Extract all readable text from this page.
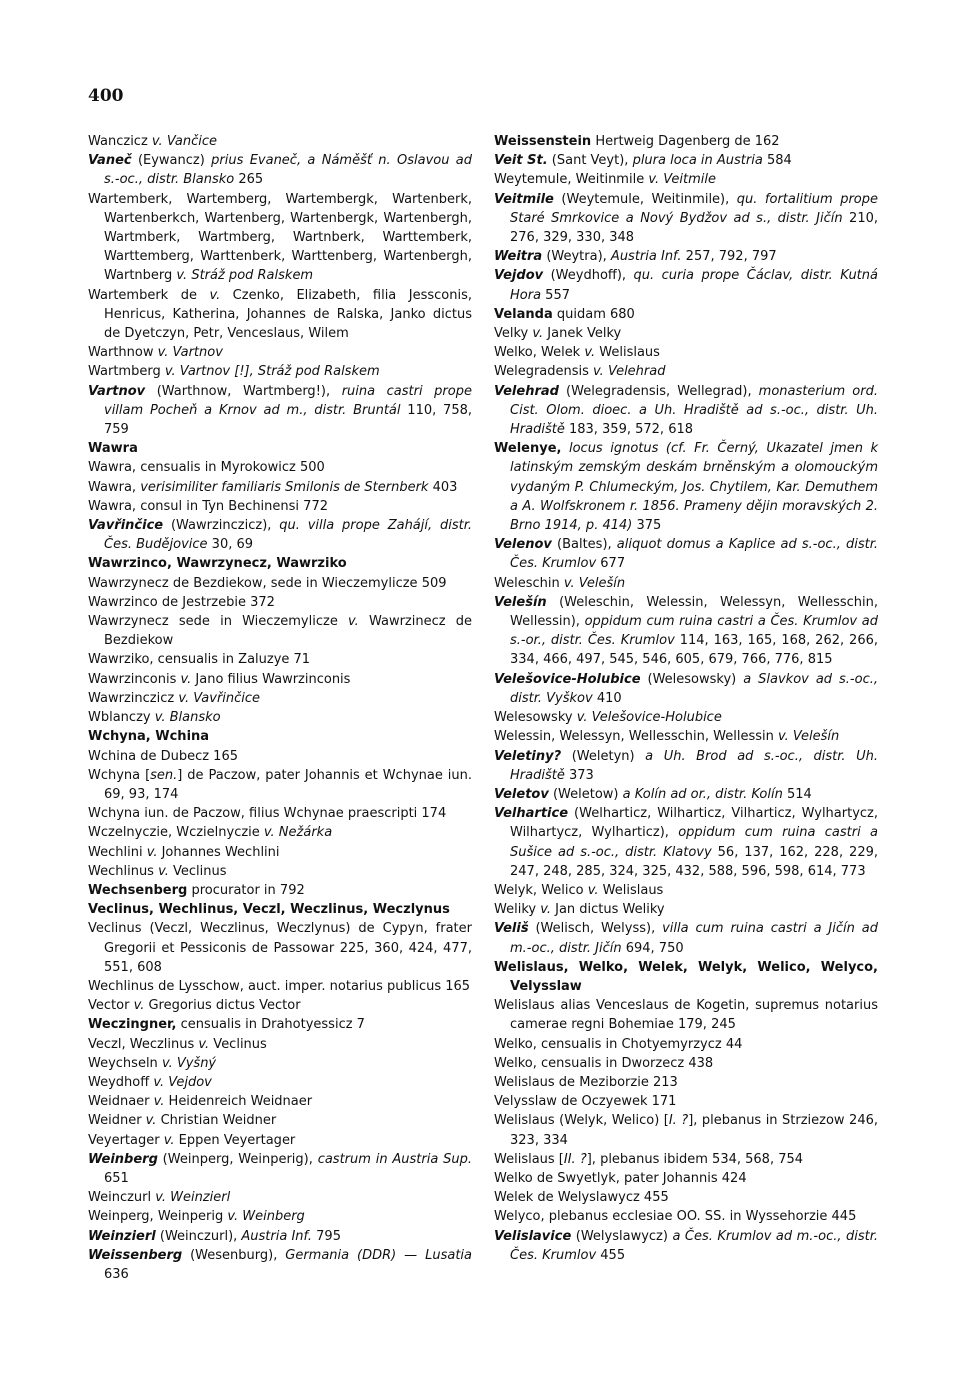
400

Wanczicz v. Vančice

Vaneč (Eywancz) prius Evaneč, a Náměšť n. Oslavou ad s.-oc., distr. Blansko 265

Wartemberk, Wartemberg, Wartembergk, Wartenberk, Wartenberkch, Wartenberg, Wartenbergk, Wartenbergh, Wartmberk, Wartmberg, Wartnberk, Warttemberk, Warttemberg, Warttenberk, Warttenberg, Wartenbergh, Wartnberg v. Stráž pod Ralskem

Wartemberk de v. Czenko, Elizabeth, filia Jessconis, Henricus, Katherina, Johannes de Ralska, Janko dictus de Dyetczyn, Petr, Venceslaus, Wilem

Warthnow v. Vartnov

Wartmberg v. Vartnov [!], Stráž pod Ralskem

Vartnov (Warthnow, Wartmberg!), ruina castri prope villam Pocheň a Krnov ad m., distr. Bruntál 110, 758, 759

Wawra

Wawra, censualis in Myrokowicz 500

Wawra, verisimiliter familiaris Smilonis de Sternberk 403

Wawra, consul in Tyn Bechinensi 772

Vavřinčice (Wawrzinczicz), qu. villa prope Zahájí, distr. Čes. Budějovice 30, 69

Wawrzinco, Wawrzynecz, Wawrziko

Wawrzynecz de Bezdiekow, sede in Wieczemylicze 509

Wawrzinco de Jestrzebie 372

Wawrzynecz sede in Wieczemylicze v. Wawrzinecz de Bezdiekow

Wawrziko, censualis in Zaluzye 71

Wawrzinconis v. Jano filius Wawrzinconis

Wawrzinczicz v. Vavřinčice

Wblanczy v. Blansko

Wchyna, Wchina

Wchina de Dubecz 165

Wchyna [sen.] de Paczow, pater Johannis et Wchynae iun. 69, 93, 174

Wchyna iun. de Paczow, filius Wchynae praescripti 174

Wczelnyczie, Wczielnyczie v. Nežárka

Wechlini v. Johannes Wechlini

Wechlinus v. Veclinus

Wechsenberg procurator in 792

Veclinus, Wechlinus, Veczl, Weczlinus, Weczlynus

Veclinus (Veczl, Weczlinus, Weczlynus) de Cypyn, frater Gregorii et Pessiconis de Passowar 225, 360, 424, 477, 551, 608

Wechlinus de Lysschow, auct. imper. notarius publicus 165

Vector v. Gregorius dictus Vector

Weczingner, censualis in Drahotyessicz 7

Veczl, Weczlinus v. Veclinus

Weychseln v. Vyšný

Weydhoff v. Vejdov

Weidnaer v. Heidenreich Weidnaer

Weidner v. Christian Weidner

Veyertager v. Eppen Veyertager

Weinberg (Weinperg, Weinperig), castrum in Austria Sup. 651

Weinczurl v. Weinzierl

Weinperg, Weinperig v. Weinberg

Weinzierl (Weinczurl), Austria Inf. 795

Weissenberg (Wesenburg), Germania (DDR) — Lusatia 636

Weissenstein Hertweig Dagenberg de 162

Veit St. (Sant Veyt), plura loca in Austria 584

Weytemule, Weitinmile v. Veitmile

Veitmile (Weytemule, Weitinmile), qu. fortalitium prope Staré Smrkovice a Nový Bydžov ad s., distr. Jičín 210, 276, 329, 330, 348

Weitra (Weytra), Austria Inf. 257, 792, 797

Vejdov (Weydhoff), qu. curia prope Čáclav, distr. Kutná Hora 557

Velanda quidam 680

Velky v. Janek Velky

Welko, Welek v. Welislaus

Welegradensis v. Velehrad

Velehrad (Welegradensis, Wellegrad), monasterium ord. Cist. Olom. dioec. a Uh. Hradiště ad s.-oc., distr. Uh. Hradiště 183, 359, 572, 618

Welenye, locus ignotus (cf. Fr. Černý, Ukazatel jmen k latinským zemským deskám brněnským a olomouckým vydaným P. Chlumeckým, Jos. Chytilem, Kar. Demuthem a A. Wolfskronem r. 1856. Prameny dějin moravských 2. Brno 1914, p. 414) 375

Velenov (Baltes), aliquot domus a Kaplice ad s.-oc., distr. Čes. Krumlov 677

Weleschin v. Velešín

Velešín (Weleschin, Welessin, Welessyn, Wellesschin, Wellessin), oppidum cum ruina castri a Čes. Krumlov ad s.-or., distr. Čes. Krumlov 114, 163, 165, 168, 262, 266, 334, 466, 497, 545, 546, 605, 679, 766, 776, 815

Velešovice-Holubice (Welesowsky) a Slavkov ad s.-oc., distr. Vyškov 410

Welesowsky v. Velešovice-Holubice

Welessin, Welessyn, Wellesschin, Wellessin v. Velešín

Veletiny? (Weletyn) a Uh. Brod ad s.-oc., distr. Uh. Hradiště 373

Veletov (Weletow) a Kolín ad or., distr. Kolín 514

Velhartice (Welharticz, Wilharticz, Vilharticz, Wylhartycz, Wilhartycz, Wylharticz), oppidum cum ruina castri a Sušice ad s.-oc., distr. Klatovy 56, 137, 162, 228, 229, 247, 248, 285, 324, 325, 432, 588, 596, 598, 614, 773

Welyk, Welico v. Welislaus

Weliky v. Jan dictus Weliky

Veliš (Welisch, Welyss), villa cum ruina castri a Jičín ad m.-oc., distr. Jičín 694, 750

Welislaus, Welko, Welek, Welyk, Welico, Welyco, Velysslaw

Welislaus alias Venceslaus de Kogetin, supremus notarius camerae regni Bohemiae 179, 245

Welko, censualis in Chotyemyrzycz 44

Welko, censualis in Dworzecz 438

Welislaus de Meziborzie 213

Velysslaw de Oczyewek 171

Welislaus (Welyk, Welico) [I. ?], plebanus in Strziezow 246, 323, 334

Welislaus [II. ?], plebanus ibidem 534, 568, 754

Welko de Swyetlyk, pater Johannis 424

Welek de Welyslawycz 455

Welyco, plebanus ecclesiae OO. SS. in Wyssehorzie 445

Velislavice (Welyslawycz) a Čes. Krumlov ad m.-oc., distr. Čes. Krumlov 455
